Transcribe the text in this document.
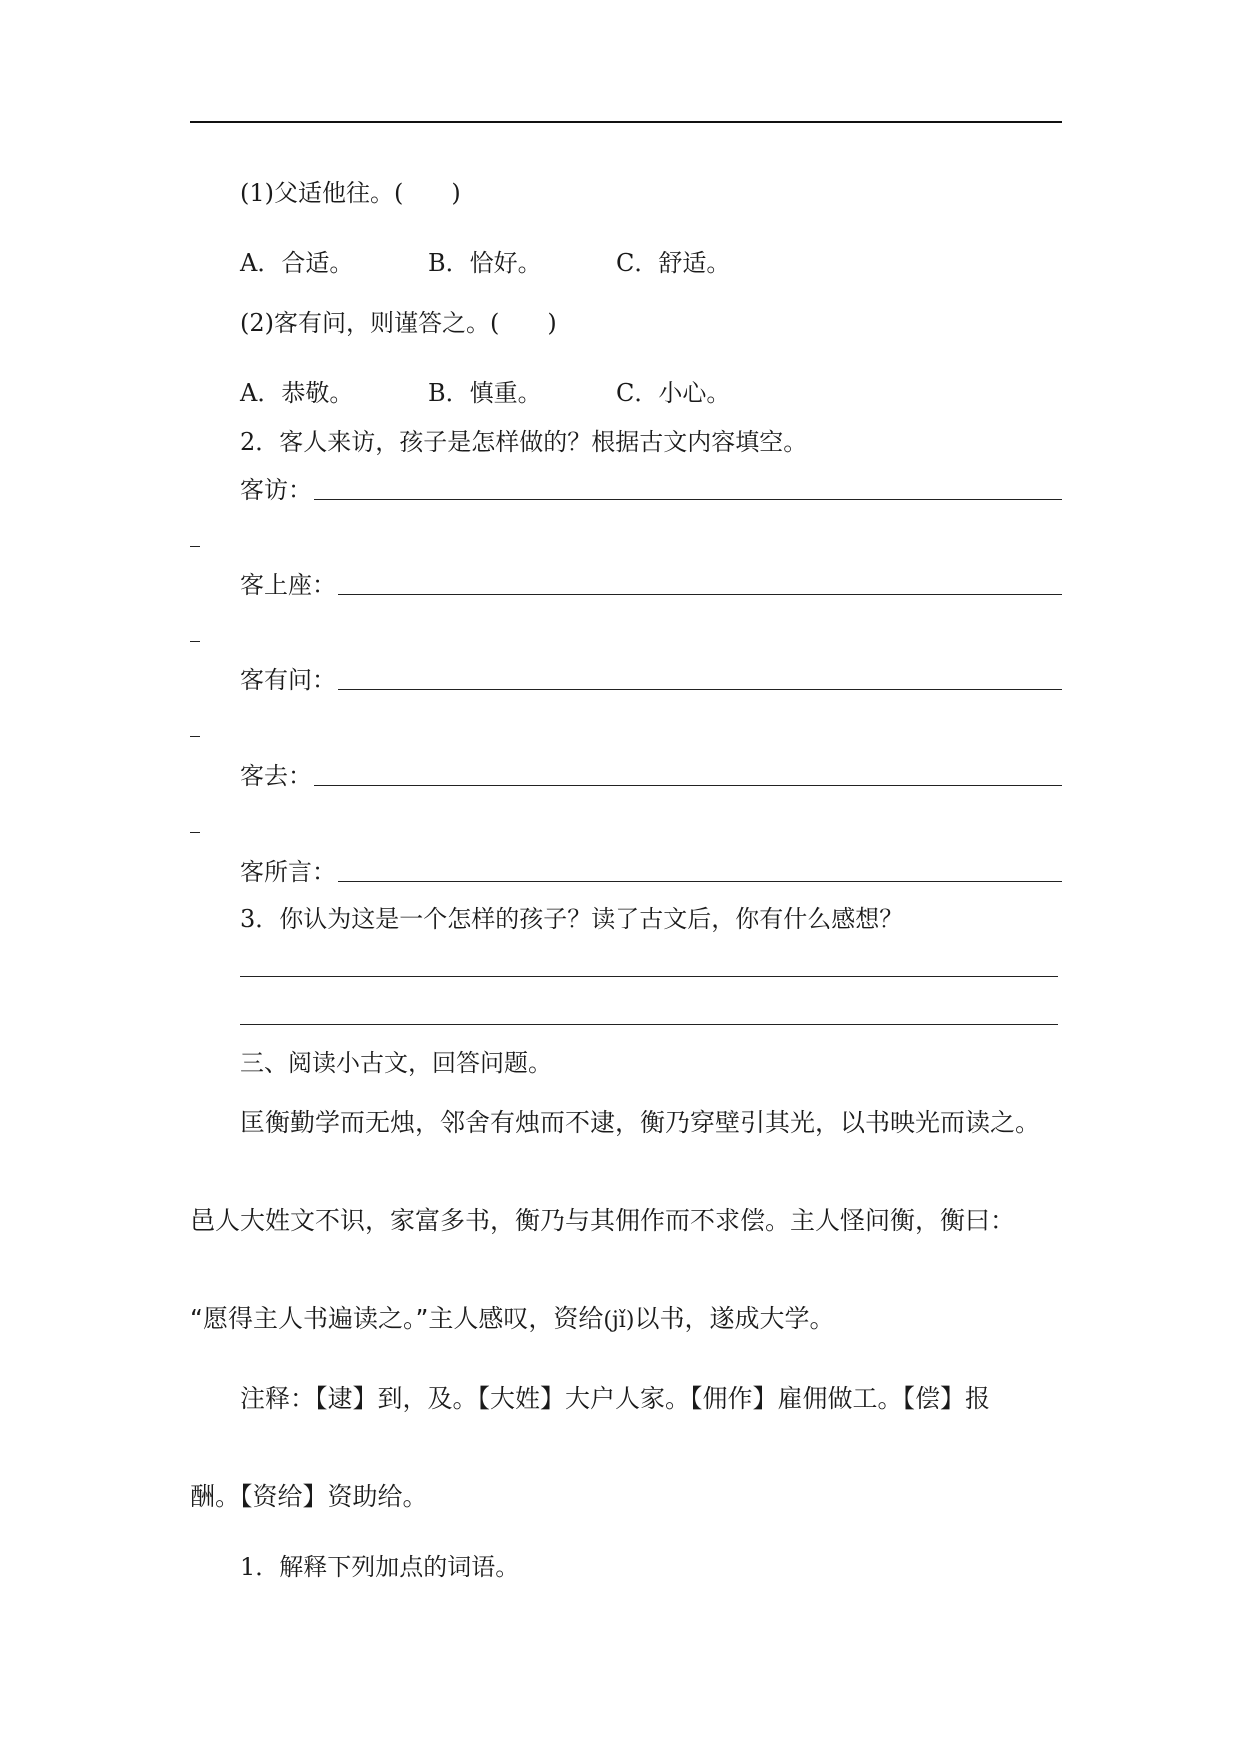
(1)父适他往。(　　)
A．合适。	B．恰好。	C．舒适。
(2)客有问，则谨答之。(　　)
A．恭敬。	B．慎重。	C．小心。
2．客人来访，孩子是怎样做的？根据古文内容填空。
客访：
客上座：
客有问：
客去：
客所言：
3．你认为这是一个怎样的孩子？读了古文后，你有什么感想？
三、阅读小古文，回答问题。
匡衡勤学而无烛，邻舍有烛而不逮，衡乃穿壁引其光，以书映光而读之。
邑人大姓文不识，家富多书，衡乃与其佣作而不求偿。主人怪问衡，衡曰：
“愿得主人书遍读之。”主人感叹，资给(jǐ)以书，遂成大学。
注释：【逮】到，及。【大姓】大户人家。【佣作】雇佣做工。【偿】报
酬。【资给】资助给。
1．解释下列加点的词语。
